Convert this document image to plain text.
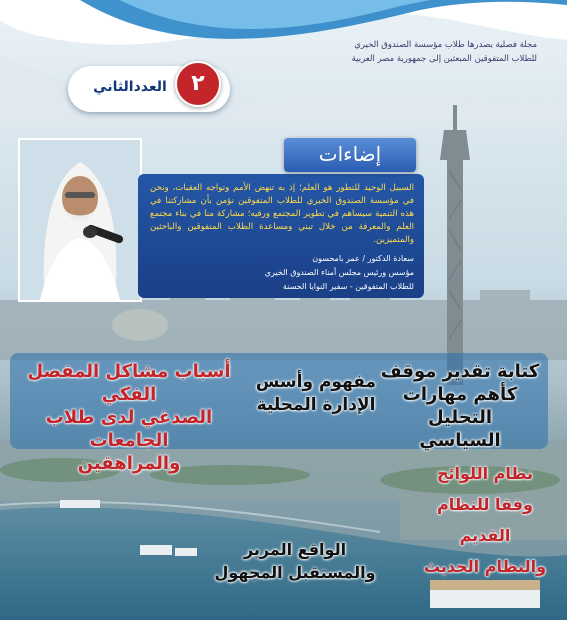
مجلة فصلية يصدرها طلاب مؤسسة الصندوق الخيري
للطلاب المتفوقين المبعثين إلى جمهورية مصر العربية
العددالثاني	٢
إضاءات
السبيل الوحيد للتطور هو العلم؛ إذ به تنهض الأمم وتواجه العقبات، ونحن في مؤسسة الصندوق الخيري للطلاب المتفوقين نؤمن بأن مشاركتنا في هذه التنمية سيساهم في تطوير المجتمع ورقيه؛ مشاركة منا في بناء مجتمع العلم والمعرفة من خلال تبني ومساعدة الطلاب المتفوقين والباحثين والمتميزين.
سعادة الدكتور / عمر بامحسون
مؤسس ورئيس مجلس أمناء الصندوق الخيري
للطلاب المتفوقين - سفير النوايا الحسنة
أسباب مشاكل المفصل الفكي
الصدغي لدى طلاب الجامعات
والمراهقين
مفهوم وأسس
الإدارة المحلية
كتابة تقدير موقف
كأهم مهارات التحليل
السياسي
نظام اللوائح
وفقا للنظام القديم
والنظام الحديث
الواقع المرير
والمستقبل المجهول
